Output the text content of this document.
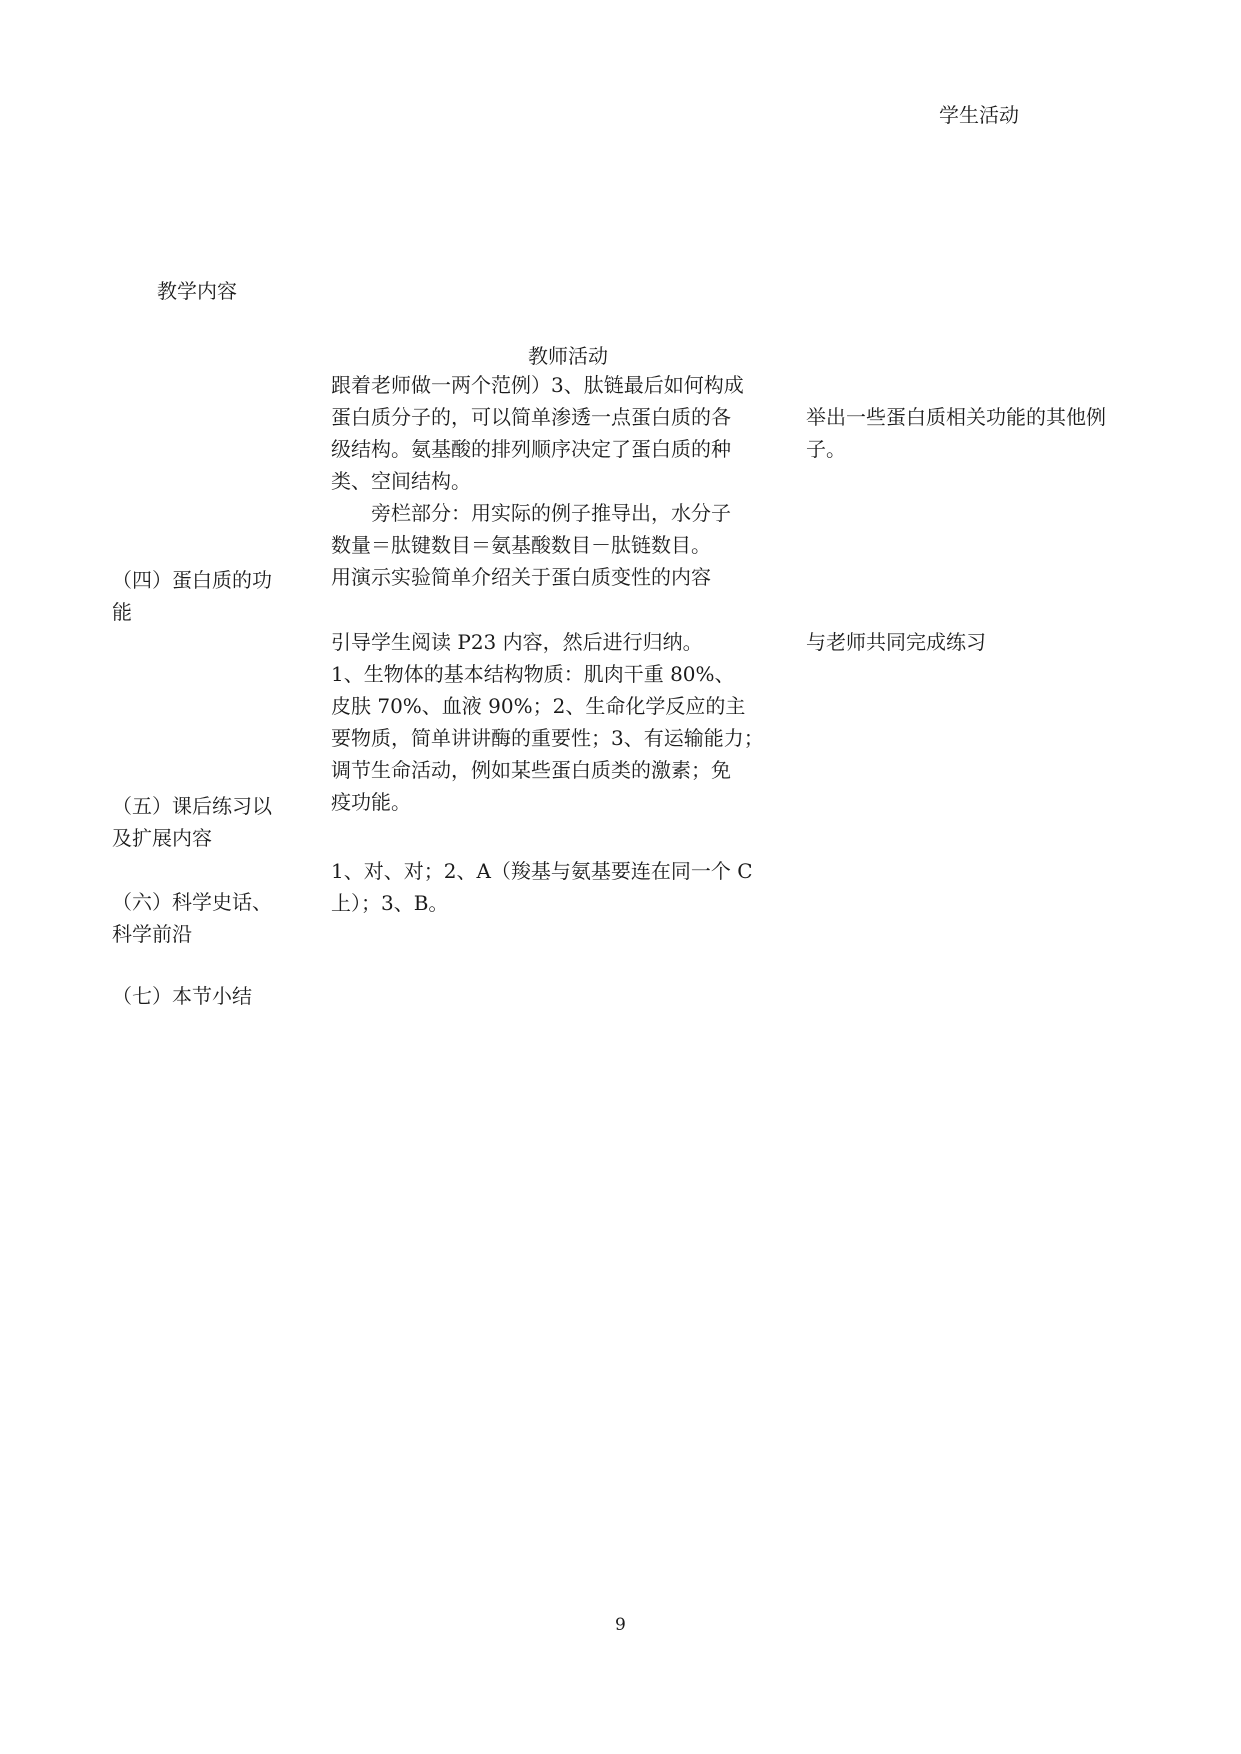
学生活动
教学内容
教师活动
（四）蛋白质的功
能
（五）课后练习以
及扩展内容
（六）科学史话、
科学前沿
（七）本节小结
跟着老师做一两个范例）3、肽链最后如何构成
蛋白质分子的，可以简单渗透一点蛋白质的各
级结构。氨基酸的排列顺序决定了蛋白质的种
类、空间结构。
　　旁栏部分：用实际的例子推导出，水分子
数量＝肽键数目＝氨基酸数目－肽链数目。
用演示实验简单介绍关于蛋白质变性的内容
引导学生阅读 P23 内容，然后进行归纳。
1、生物体的基本结构物质：肌肉干重 80%、
皮肤 70%、血液 90%；2、生命化学反应的主
要物质，简单讲讲酶的重要性；3、有运输能力；
调节生命活动，例如某些蛋白质类的激素；免
疫功能。
1、对、对；2、A（羧基与氨基要连在同一个 C
上）；3、B。
举出一些蛋白质相关功能的其他例
子。
与老师共同完成练习
9
